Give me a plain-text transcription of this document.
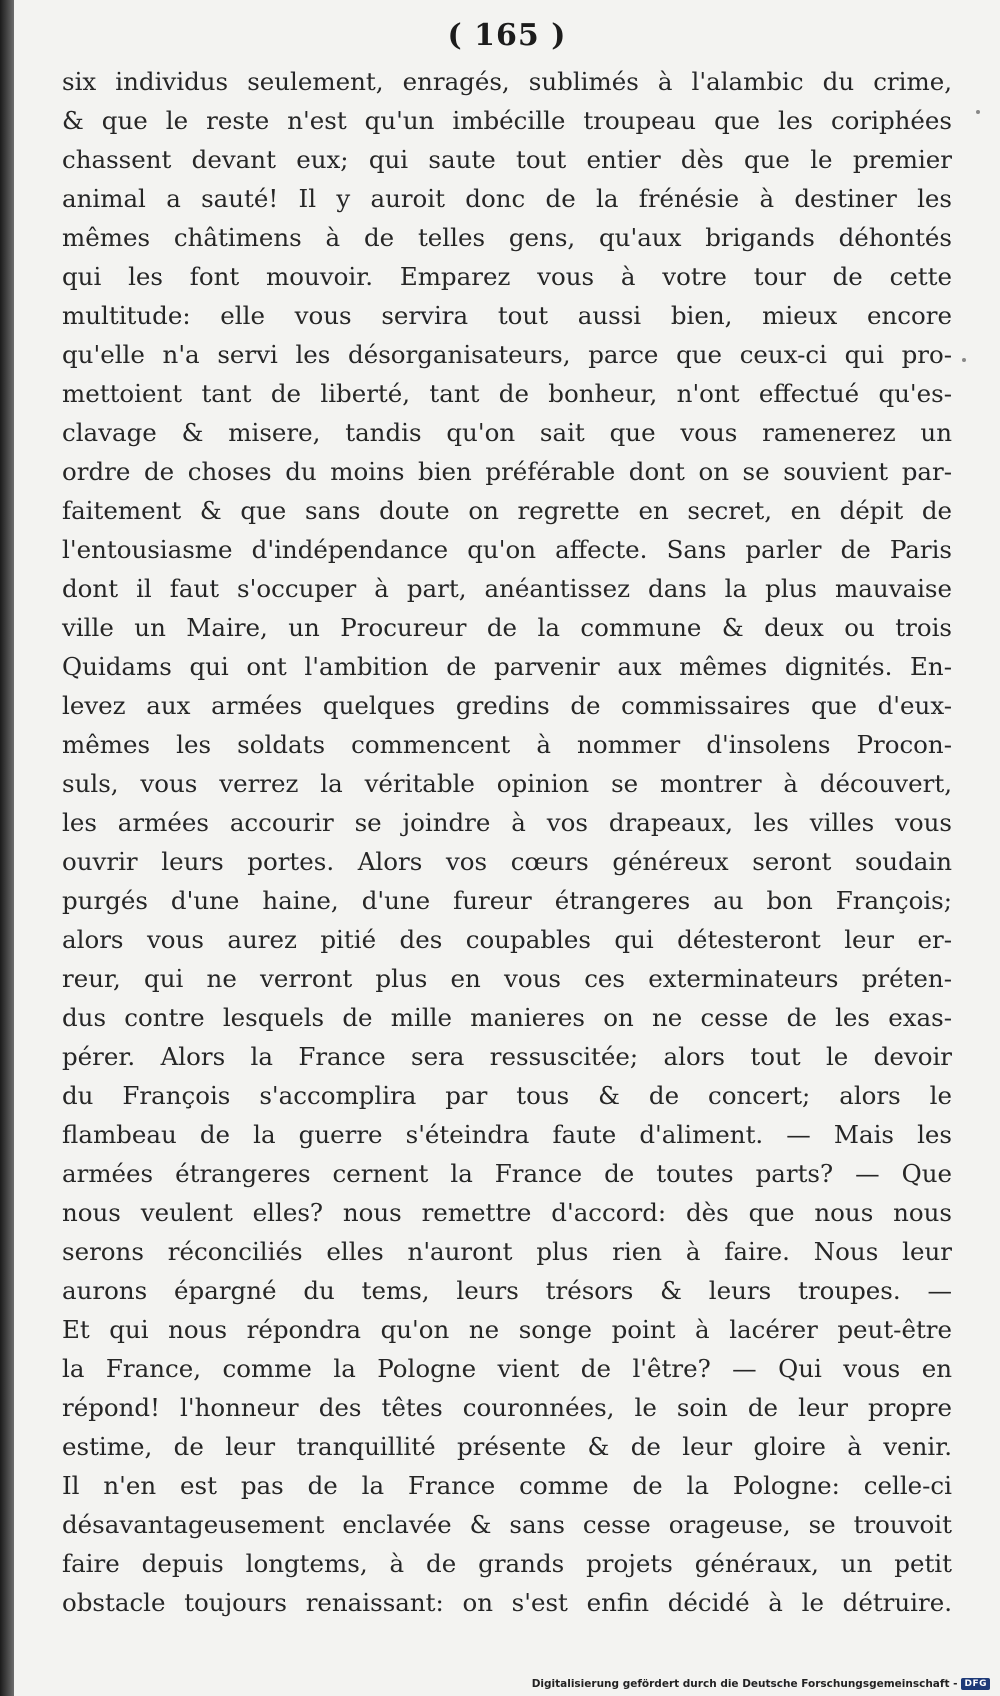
( 165 )
six individus seulement, enragés, sublimés à l'alambic du crime,
& que le reste n'est qu'un imbécille troupeau que les coriphées
chassent devant eux; qui saute tout entier dès que le premier
animal a sauté! Il y auroit donc de la frénésie à destiner les
mêmes châtimens à de telles gens, qu'aux brigands déhontés
qui les font mouvoir. Emparez vous à votre tour de cette
multitude: elle vous servira tout aussi bien, mieux encore
qu'elle n'a servi les désorganisateurs, parce que ceux-ci qui pro-
mettoient tant de liberté, tant de bonheur, n'ont effectué qu'es-
clavage & misere, tandis qu'on sait que vous ramenerez un
ordre de choses du moins bien préférable dont on se souvient par-
faitement & que sans doute on regrette en secret, en dépit de
l'entousiasme d'indépendance qu'on affecte. Sans parler de Paris
dont il faut s'occuper à part, anéantissez dans la plus mauvaise
ville un Maire, un Procureur de la commune & deux ou trois
Quidams qui ont l'ambition de parvenir aux mêmes dignités. En-
levez aux armées quelques gredins de commissaires que d'eux-
mêmes les soldats commencent à nommer d'insolens Procon-
suls, vous verrez la véritable opinion se montrer à découvert,
les armées accourir se joindre à vos drapeaux, les villes vous
ouvrir leurs portes. Alors vos cœurs généreux seront soudain
purgés d'une haine, d'une fureur étrangeres au bon François;
alors vous aurez pitié des coupables qui détesteront leur er-
reur, qui ne verront plus en vous ces exterminateurs préten-
dus contre lesquels de mille manieres on ne cesse de les exas-
pérer. Alors la France sera ressuscitée; alors tout le devoir
du François s'accomplira par tous & de concert; alors le
flambeau de la guerre s'éteindra faute d'aliment. — Mais les
armées étrangeres cernent la France de toutes parts? — Que
nous veulent elles? nous remettre d'accord: dès que nous nous
serons réconciliés elles n'auront plus rien à faire. Nous leur
aurons épargné du tems, leurs trésors & leurs troupes. —
Et qui nous répondra qu'on ne songe point à lacérer peut-être
la France, comme la Pologne vient de l'être? — Qui vous en
répond! l'honneur des têtes couronnées, le soin de leur propre
estime, de leur tranquillité présente & de leur gloire à venir.
Il n'en est pas de la France comme de la Pologne: celle-ci
désavantageusement enclavée & sans cesse orageuse, se trouvoit
faire depuis longtems, à de grands projets généraux, un petit
obstacle toujours renaissant: on s'est enfin décidé à le détruire.
Digitalisierung gefördert durch die Deutsche Forschungsgemeinschaft - DFG
